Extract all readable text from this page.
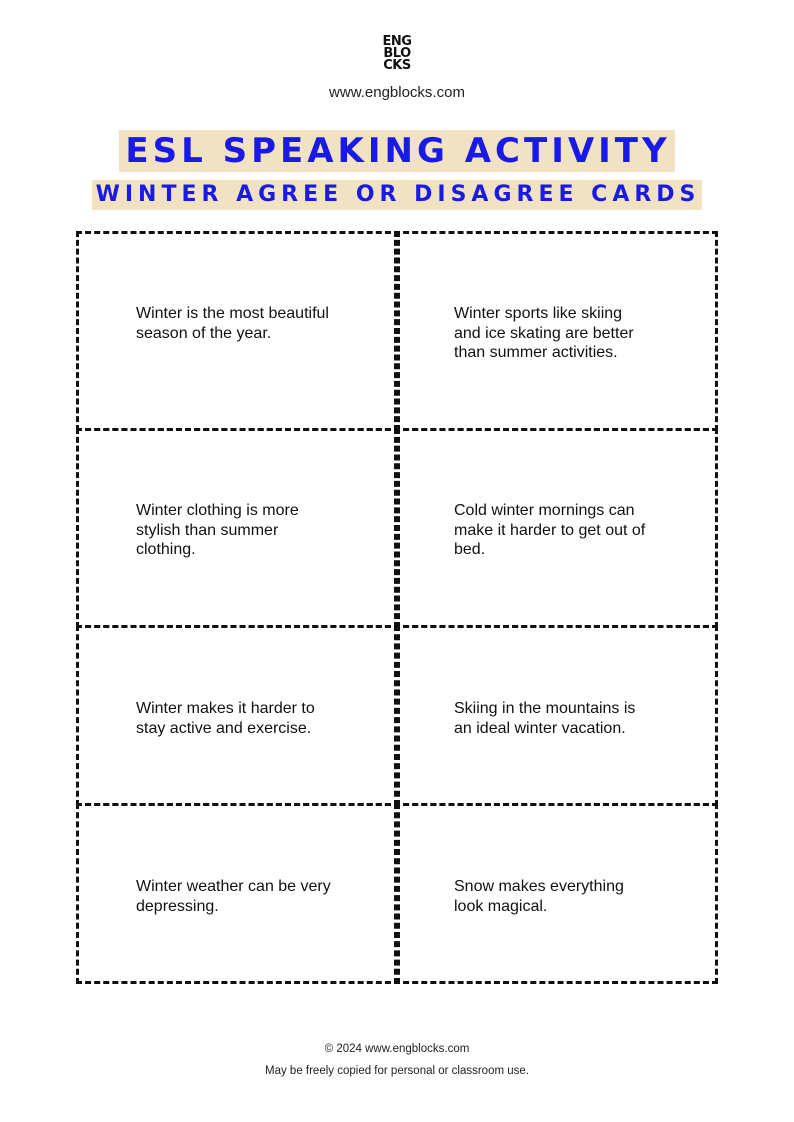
ENG
BLO
CKS
www.engblocks.com
ESL SPEAKING ACTIVITY
WINTER AGREE OR DISAGREE CARDS
Winter is the most beautiful season of the year.
Winter sports like skiing and ice skating are better than summer activities.
Winter clothing is more stylish than summer clothing.
Cold winter mornings can make it harder to get out of bed.
Winter makes it harder to stay active and exercise.
Skiing in the mountains is an ideal winter vacation.
Winter weather can be very depressing.
Snow makes everything look magical.
© 2024 www.engblocks.com
May be freely copied for personal or classroom use.
